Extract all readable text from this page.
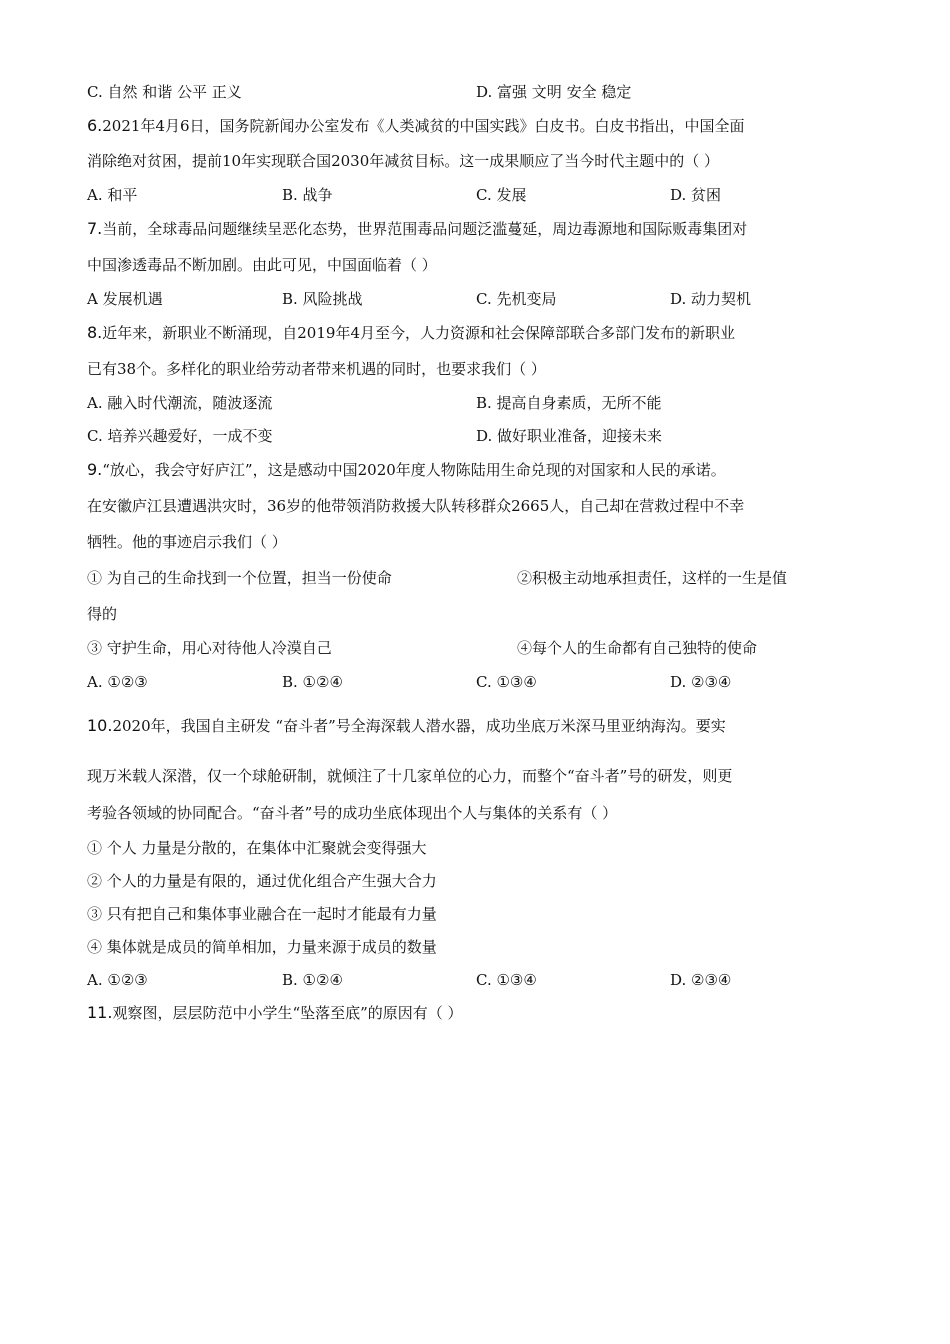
C. 自然 和谐 公平 正义	D. 富强 文明 安全 稳定
6.2021年4月6日，国务院新闻办公室发布《人类减贫的中国实践》白皮书。白皮书指出，中国全面
消除绝对贫困，提前10年实现联合国2030年减贫目标。这一成果顺应了当今时代主题中的（ ）
A. 和平	B. 战争	C. 发展	D. 贫困
7.当前，全球毒品问题继续呈恶化态势，世界范围毒品问题泛滥蔓延，周边毒源地和国际贩毒集团对
中国渗透毒品不断加剧。由此可见，中国面临着（ ）
A 发展机遇	B. 风险挑战	C. 先机变局	D. 动力契机
8.近年来，新职业不断涌现，自2019年4月至今，人力资源和社会保障部联合多部门发布的新职业
已有38个。多样化的职业给劳动者带来机遇的同时，也要求我们（ ）
A. 融入时代潮流，随波逐流	B. 提高自身素质，无所不能
C. 培养兴趣爱好，一成不变	D. 做好职业准备，迎接未来
9.“放心，我会守好庐江”，这是感动中国2020年度人物陈陆用生命兑现的对国家和人民的承诺。
在安徽庐江县遭遇洪灾时，36岁的他带领消防救援大队转移群众2665人，自己却在营救过程中不幸
牺牲。他的事迹启示我们（ ）
① 为自己的生命找到一个位置，担当一份使命	②积极主动地承担责任，这样的一生是值
得的
③ 守护生命，用心对待他人冷漠自己	④每个人的生命都有自己独特的使命
A. ①②③	B. ①②④	C. ①③④	D. ②③④
10.2020年，我国自主研发 “奋斗者”号全海深载人潜水器，成功坐底万米深马里亚纳海沟。要实
现万米载人深潜，仅一个球舱研制，就倾注了十几家单位的心力，而整个“奋斗者”号的研发，则更
考验各领域的协同配合。“奋斗者”号的成功坐底体现出个人与集体的关系有（ ）
① 个人 力量是分散的，在集体中汇聚就会变得强大
② 个人的力量是有限的，通过优化组合产生强大合力
③ 只有把自己和集体事业融合在一起时才能最有力量
④ 集体就是成员的简单相加，力量来源于成员的数量
A. ①②③	B. ①②④	C. ①③④	D. ②③④
11.观察图，层层防范中小学生“坠落至底”的原因有（ ）
